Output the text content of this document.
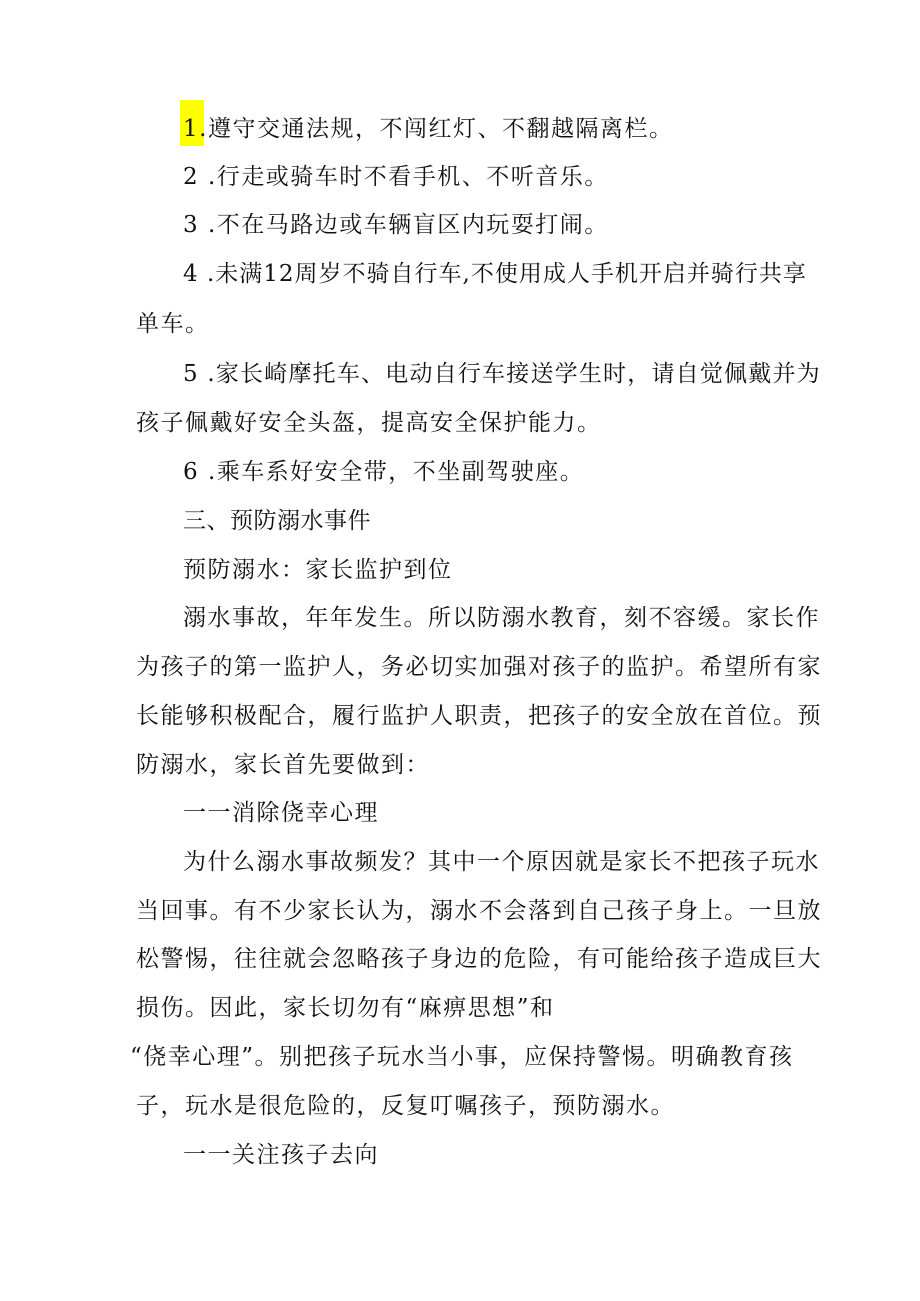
1.遵守交通法规，不闯红灯、不翻越隔离栏。
2 .行走或骑车时不看手机、不听音乐。
3 .不在马路边或车辆盲区内玩耍打闹。
4 .未满12周岁不骑自行车,不使用成人手机开启并骑行共享
单车。
5 .家长崎摩托车、电动自行车接送学生时，请自觉佩戴并为
孩子佩戴好安全头盔，提高安全保护能力。
6 .乘车系好安全带，不坐副驾驶座。
三、预防溺水事件
预防溺水：家长监护到位
溺水事故，年年发生。所以防溺水教育，刻不容缓。家长作
为孩子的第一监护人，务必切实加强对孩子的监护。希望所有家
长能够积极配合，履行监护人职责，把孩子的安全放在首位。预
防溺水，家长首先要做到：
一一消除侥幸心理
为什么溺水事故频发？其中一个原因就是家长不把孩子玩水
当回事。有不少家长认为，溺水不会落到自己孩子身上。一旦放
松警惕，往往就会忽略孩子身边的危险，有可能给孩子造成巨大
损伤。因此，家长切勿有“麻痹思想”和
“侥幸心理”。别把孩子玩水当小事，应保持警惕。明确教育孩
子，玩水是很危险的，反复叮嘱孩子，预防溺水。
一一关注孩子去向
